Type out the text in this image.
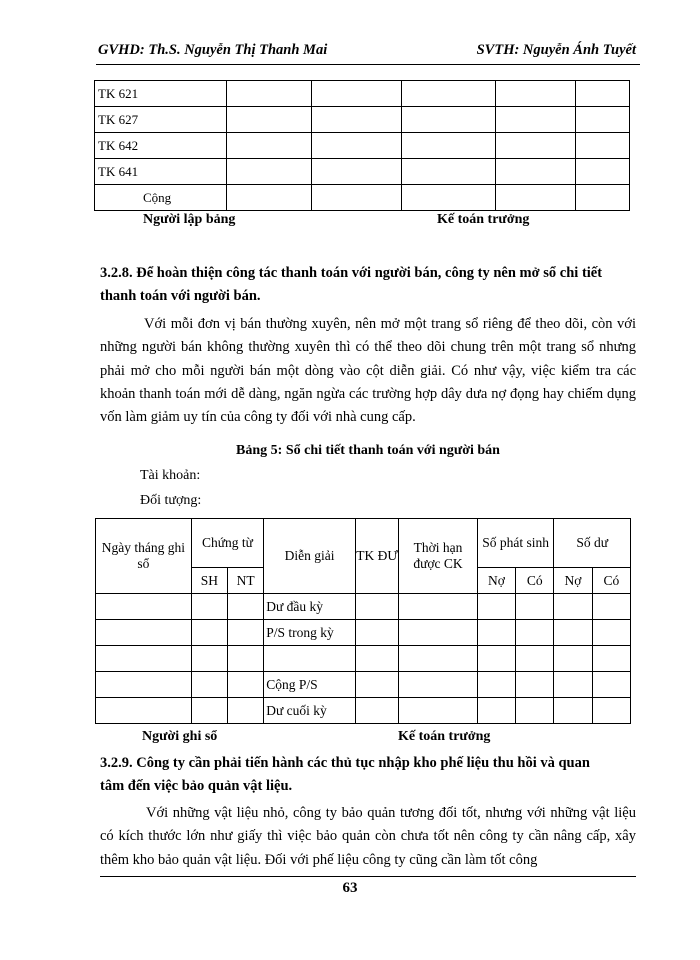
GVHD: Th.S. Nguyễn Thị Thanh Mai	SVTH: Nguyễn Ánh Tuyết
TK 621					
TK 627					
TK 642					
TK 641					
Cộng					
Người lập bảng	Kế toán trưởng

3.2.8. Để hoàn thiện công tác thanh toán với người bán, công ty nên mở sổ chi tiết

thanh toán với người bán.

Với mỗi đơn vị bán thường xuyên, nên mở một trang sổ riêng để theo dõi, còn với những người bán không thường xuyên thì có thể theo dõi chung trên một trang sổ nhưng phải mở cho mỗi người bán một dòng vào cột diễn giải. Có như vậy, việc kiểm tra các khoản thanh toán mới dễ dàng, ngăn ngừa các trường hợp dây dưa nợ đọng hay chiếm dụng vốn làm giảm uy tín của công ty đối với nhà cung cấp.

Bảng 5: Sổ chi tiết thanh toán với người bán
Tài khoản:
Đối tượng:
Ngày tháng ghi sổ	Chứng từ		Diễn giải	TK ĐƯ	Thời hạn được CK	Số phát sinh		Số dư	
	SH	NT				Nợ	Có	Nợ	Có
			Dư đầu kỳ						
			P/S trong kỳ						

			Cộng P/S						
			Dư cuối kỳ						
Người ghi sổ	Kế toán trưởng

3.2.9. Công ty cần phải tiến hành các thủ tục nhập kho phế liệu thu hồi và quan

tâm đến việc bảo quản vật liệu.

Với những vật liệu nhỏ, công ty bảo quản tương đối tốt, nhưng với những vật liệu có kích thước lớn như giấy thì việc bảo quản còn chưa tốt nên công ty cần nâng cấp, xây thêm kho bảo quản vật liệu. Đối với phế liệu công ty cũng cần làm tốt công

63
